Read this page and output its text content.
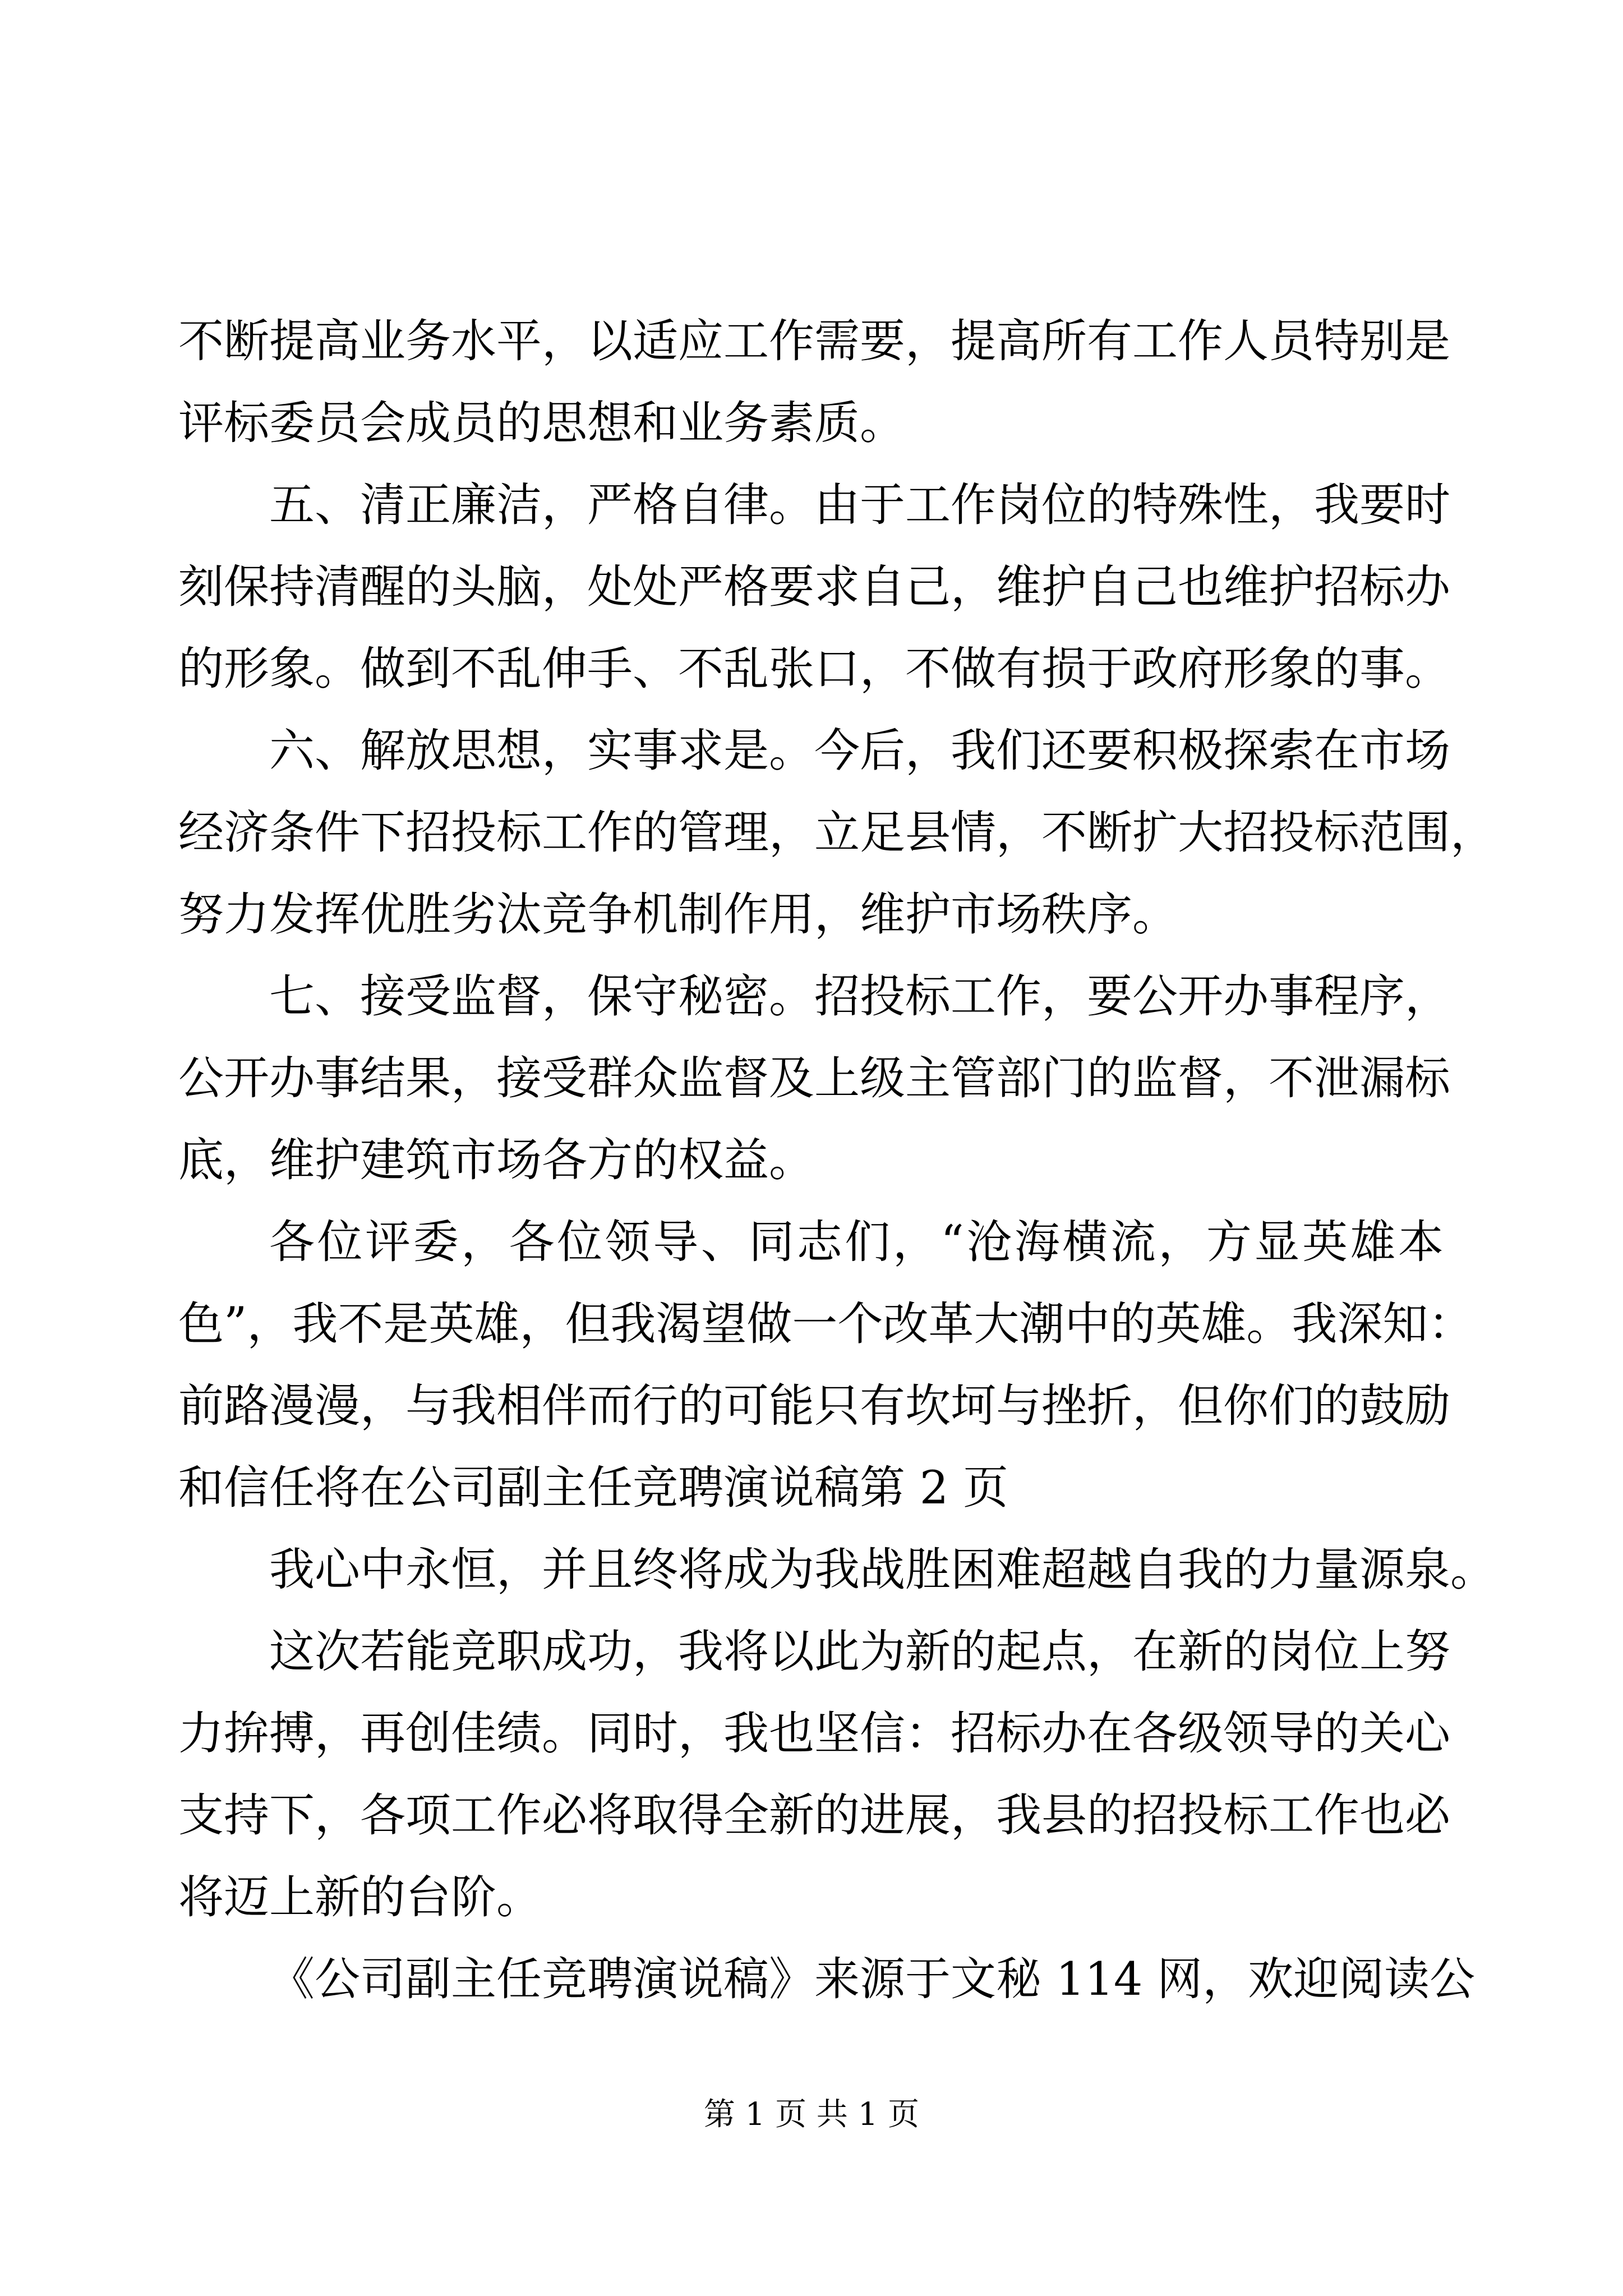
不断提高业务水平，以适应工作需要，提高所有工作人员特别是
评标委员会成员的思想和业务素质。
五、清正廉洁，严格自律。由于工作岗位的特殊性，我要时
刻保持清醒的头脑，处处严格要求自己，维护自己也维护招标办
的形象。做到不乱伸手、不乱张口，不做有损于政府形象的事。
六、解放思想，实事求是。今后，我们还要积极探索在市场
经济条件下招投标工作的管理，立足县情，不断扩大招投标范围，
努力发挥优胜劣汰竞争机制作用，维护市场秩序。
七、接受监督，保守秘密。招投标工作，要公开办事程序，
公开办事结果，接受群众监督及上级主管部门的监督，不泄漏标
底，维护建筑市场各方的权益。
各位评委，各位领导、同志们，“沧海横流，方显英雄本
色”，我不是英雄，但我渴望做一个改革大潮中的英雄。我深知：
前路漫漫，与我相伴而行的可能只有坎坷与挫折，但你们的鼓励
和信任将在公司副主任竞聘演说稿第 2 页
我心中永恒，并且终将成为我战胜困难超越自我的力量源泉。
这次若能竞职成功，我将以此为新的起点，在新的岗位上努
力拚搏，再创佳绩。同时，我也坚信：招标办在各级领导的关心
支持下，各项工作必将取得全新的进展，我县的招投标工作也必
将迈上新的台阶。
《公司副主任竞聘演说稿》来源于文秘 114 网，欢迎阅读公
第 1 页 共 1 页
